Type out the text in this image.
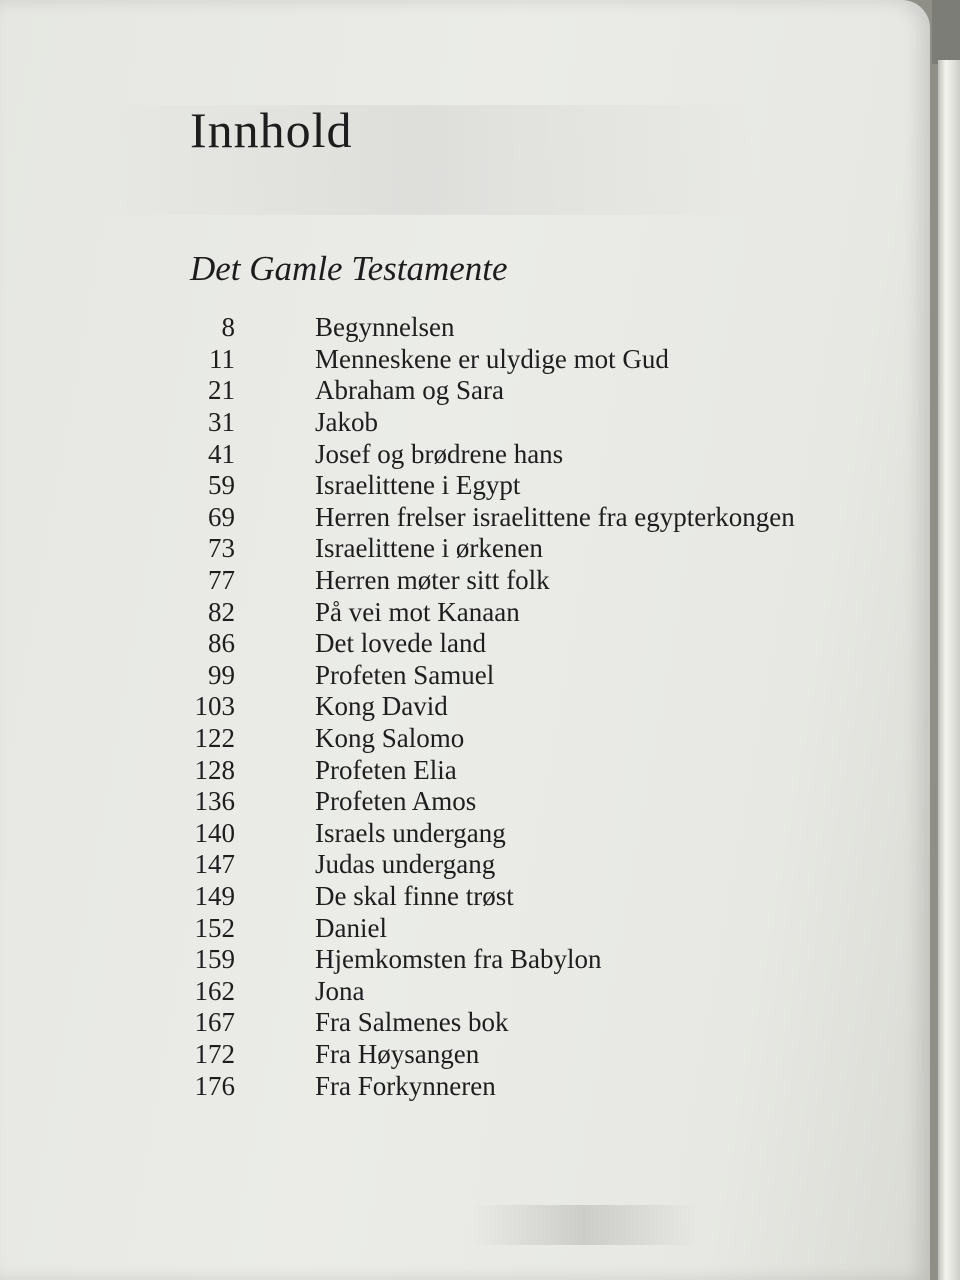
Innhold
Det Gamle Testamente
8	Begynnelsen
11	Menneskene er ulydige mot Gud
21	Abraham og Sara
31	Jakob
41	Josef og brødrene hans
59	Israelittene i Egypt
69	Herren frelser israelittene fra egypterkongen
73	Israelittene i ørkenen
77	Herren møter sitt folk
82	På vei mot Kanaan
86	Det lovede land
99	Profeten Samuel
103	Kong David
122	Kong Salomo
128	Profeten Elia
136	Profeten Amos
140	Israels undergang
147	Judas undergang
149	De skal finne trøst
152	Daniel
159	Hjemkomsten fra Babylon
162	Jona
167	Fra Salmenes bok
172	Fra Høysangen
176	Fra Forkynneren
